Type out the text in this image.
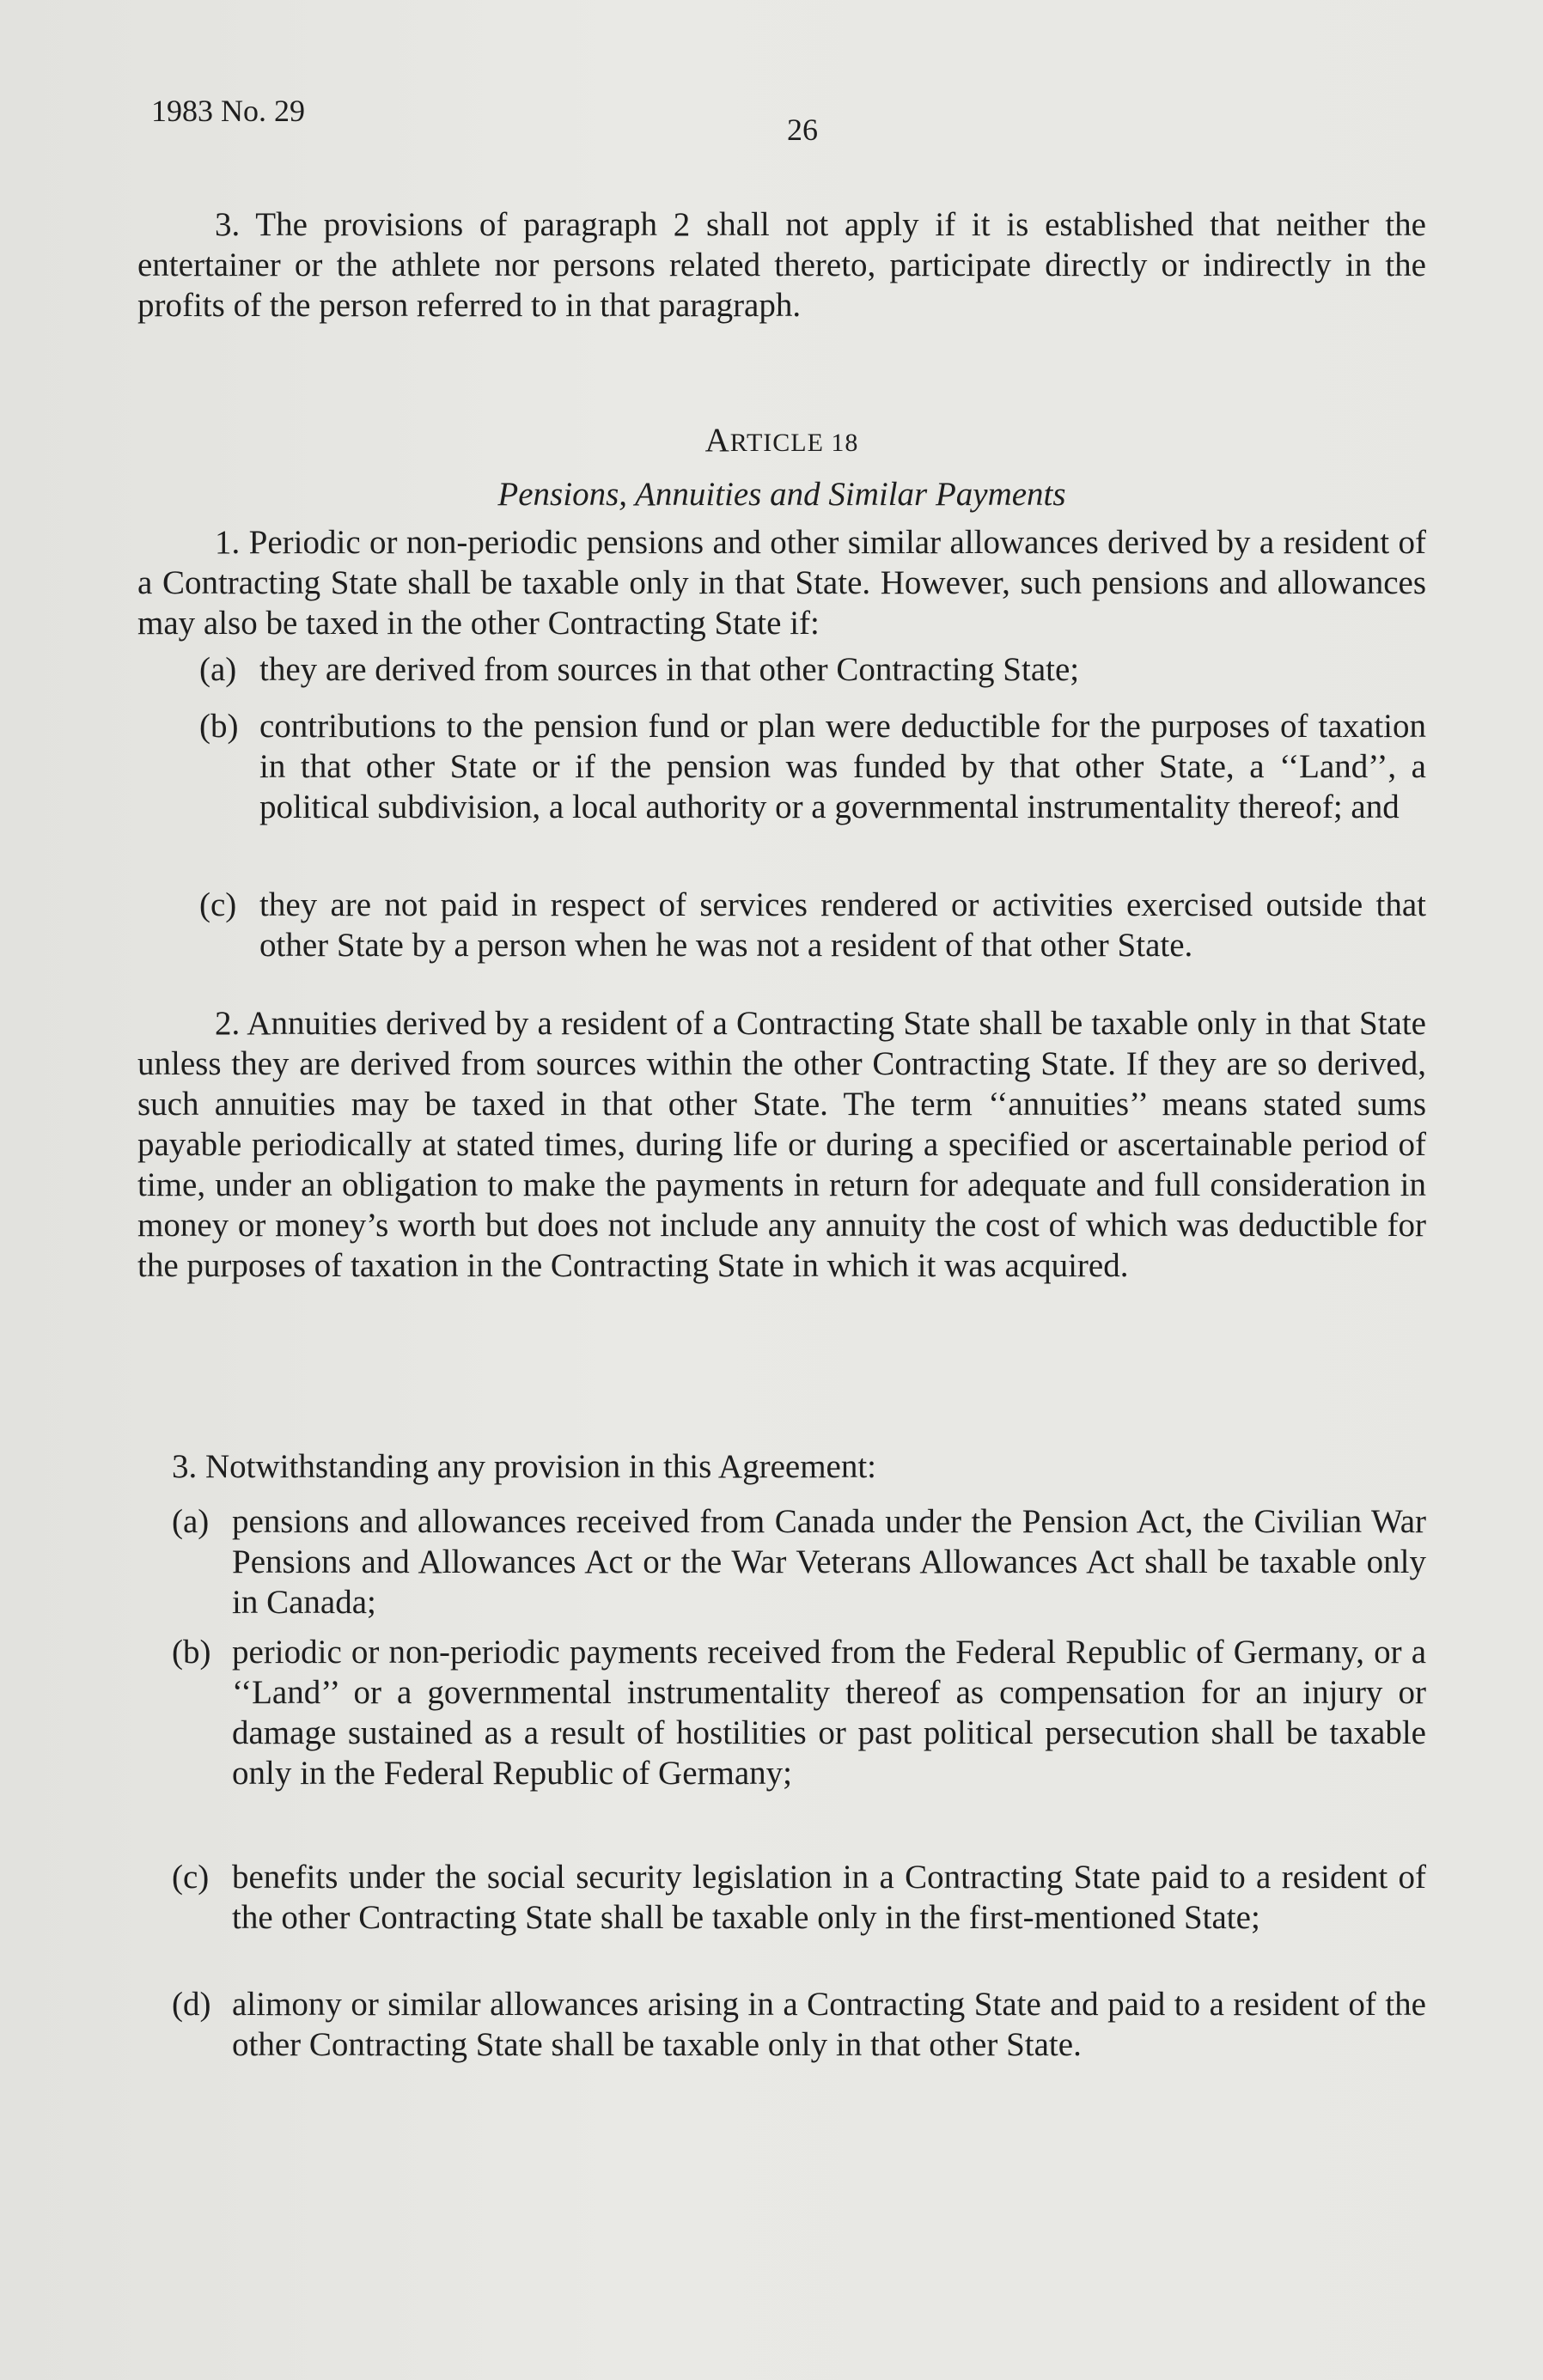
1983 No. 29
26

3. The provisions of paragraph 2 shall not apply if it is established that neither the entertainer or the athlete nor persons related thereto, participate directly or indirectly in the profits of the person referred to in that paragraph.

ARTICLE 18
Pensions, Annuities and Similar Payments

1. Periodic or non-periodic pensions and other similar allowances derived by a resident of a Contracting State shall be taxable only in that State. However, such pensions and allowances may also be taxed in the other Contracting State if:

(a) they are derived from sources in that other Contracting State;
(b) contributions to the pension fund or plan were deductible for the purposes of taxation in that other State or if the pension was funded by that other State, a ‘‘Land’’, a political subdivision, a local authority or a governmental instrumentality thereof; and
(c) they are not paid in respect of services rendered or activities exercised outside that other State by a person when he was not a resident of that other State.

2. Annuities derived by a resident of a Contracting State shall be taxable only in that State unless they are derived from sources within the other Contracting State. If they are so derived, such annuities may be taxed in that other State. The term ‘‘annuities’’ means stated sums payable periodically at stated times, during life or during a specified or ascertainable period of time, under an obligation to make the payments in return for adequate and full consideration in money or money’s worth but does not include any annuity the cost of which was deductible for the purposes of taxation in the Contracting State in which it was acquired.

3. Notwithstanding any provision in this Agreement:

(a) pensions and allowances received from Canada under the Pension Act, the Civilian War Pensions and Allowances Act or the War Veterans Allowances Act shall be taxable only in Canada;
(b) periodic or non-periodic payments received from the Federal Republic of Germany, or a ‘‘Land’’ or a governmental instrumentality thereof as compensation for an injury or damage sustained as a result of hostilities or past political persecution shall be taxable only in the Federal Republic of Germany;
(c) benefits under the social security legislation in a Contracting State paid to a resident of the other Contracting State shall be taxable only in the first-mentioned State;
(d) alimony or similar allowances arising in a Contracting State and paid to a resident of the other Contracting State shall be taxable only in that other State.
